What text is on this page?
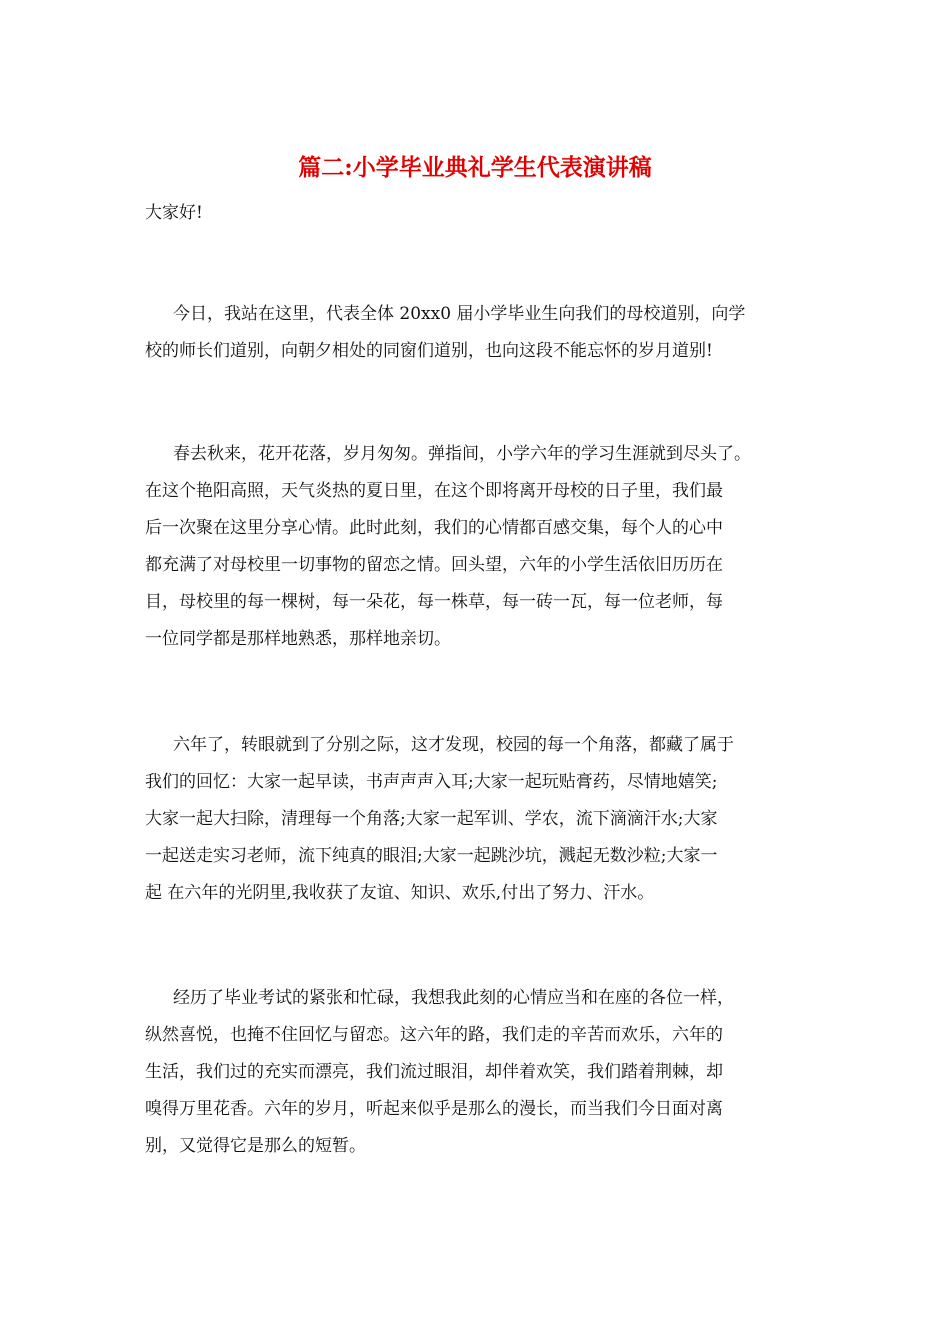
篇二:小学毕业典礼学生代表演讲稿

大家好!

今日，我站在这里，代表全体 20xx0 届小学毕业生向我们的母校道别，向学
校的师长们道别，向朝夕相处的同窗们道别，也向这段不能忘怀的岁月道别!
春去秋来，花开花落，岁月匆匆。弹指间，小学六年的学习生涯就到尽头了。
在这个艳阳高照，天气炎热的夏日里，在这个即将离开母校的日子里，我们最
后一次聚在这里分享心情。此时此刻，我们的心情都百感交集，每个人的心中
都充满了对母校里一切事物的留恋之情。回头望，六年的小学生活依旧历历在
目，母校里的每一棵树，每一朵花，每一株草，每一砖一瓦，每一位老师，每
一位同学都是那样地熟悉，那样地亲切。
六年了，转眼就到了分别之际，这才发现，校园的每一个角落，都藏了属于
我们的回忆：大家一起早读，书声声声入耳;大家一起玩贴膏药，尽情地嬉笑;
大家一起大扫除，清理每一个角落;大家一起军训、学农，流下滴滴汗水;大家
一起送走实习老师，流下纯真的眼泪;大家一起跳沙坑，溅起无数沙粒;大家一
起 在六年的光阴里,我收获了友谊、知识、欢乐,付出了努力、汗水。
经历了毕业考试的紧张和忙碌，我想我此刻的心情应当和在座的各位一样，
纵然喜悦，也掩不住回忆与留恋。这六年的路，我们走的辛苦而欢乐，六年的
生活，我们过的充实而漂亮，我们流过眼泪，却伴着欢笑，我们踏着荆棘，却
嗅得万里花香。六年的岁月，听起来似乎是那么的漫长，而当我们今日面对离
别，又觉得它是那么的短暂。
